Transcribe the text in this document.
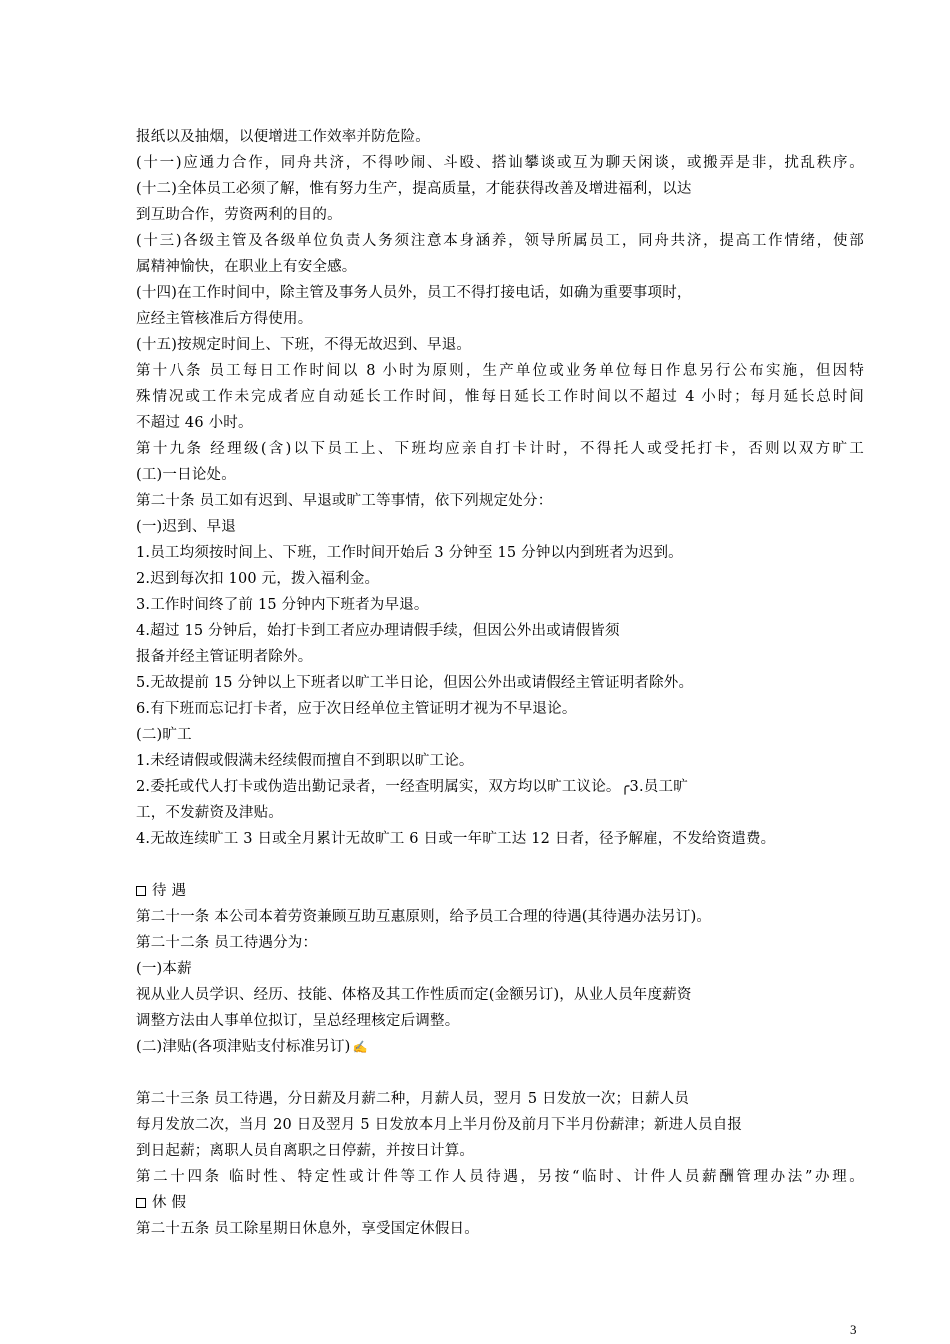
报纸以及抽烟，以便增进工作效率并防危险。
(十一)应通力合作，同舟共济，不得吵闹、斗殴、搭讪攀谈或互为聊天闲谈，或搬弄是非，扰乱秩序。
(十二)全体员工必须了解，惟有努力生产，提高质量，才能获得改善及增进福利，以达
到互助合作，劳资两利的目的。
(十三)各级主管及各级单位负责人务须注意本身涵养，领导所属员工，同舟共济，提高工作情绪，使部
属精神愉快，在职业上有安全感。
(十四)在工作时间中，除主管及事务人员外，员工不得打接电话，如确为重要事项时，
应经主管核准后方得使用。
(十五)按规定时间上、下班，不得无故迟到、早退。
第十八条 员工每日工作时间以 8 小时为原则，生产单位或业务单位每日作息另行公布实施，但因特
殊情况或工作未完成者应自动延长工作时间，惟每日延长工作时间以不超过 4 小时；每月延长总时间
不超过 46 小时。
第十九条 经理级(含)以下员工上、下班均应亲自打卡计时，不得托人或受托打卡，否则以双方旷工
(工)一日论处。
第二十条 员工如有迟到、早退或旷工等事情，依下列规定处分：
(一)迟到、早退
1.员工均须按时间上、下班，工作时间开始后 3 分钟至 15 分钟以内到班者为迟到。
2.迟到每次扣 100 元，拨入福利金。
3.工作时间终了前 15 分钟内下班者为早退。
4.超过 15 分钟后，始打卡到工者应办理请假手续，但因公外出或请假皆须
报备并经主管证明者除外。
5.无故提前 15 分钟以上下班者以旷工半日论，但因公外出或请假经主管证明者除外。
6.有下班而忘记打卡者，应于次日经单位主管证明才视为不早退论。
(二)旷工
1.未经请假或假满未经续假而擅自不到职以旷工论。
2.委托或代人打卡或伪造出勤记录者，一经查明属实，双方均以旷工议论。╭3.员工旷
工，不发薪资及津贴。
4.无故连续旷工 3 日或全月累计无故旷工 6 日或一年旷工达 12 日者，径予解雇，不发给资遣费。
待 遇
第二十一条 本公司本着劳资兼顾互助互惠原则，给予员工合理的待遇(其待遇办法另订)。
第二十二条 员工待遇分为：
(一)本薪
视从业人员学识、经历、技能、体格及其工作性质而定(金额另订)，从业人员年度薪资
调整方法由人事单位拟订，呈总经理核定后调整。
(二)津贴(各项津贴支付标准另订) ✍
第二十三条 员工待遇，分日薪及月薪二种，月薪人员，翌月 5 日发放一次；日薪人员
每月发放二次，当月 20 日及翌月 5 日发放本月上半月份及前月下半月份薪津；新进人员自报
到日起薪；离职人员自离职之日停薪，并按日计算。
第二十四条 临时性、特定性或计件等工作人员待遇，另按“临时、计件人员薪酬管理办法”办理。
休 假
第二十五条 员工除星期日休息外，享受国定休假日。
3
